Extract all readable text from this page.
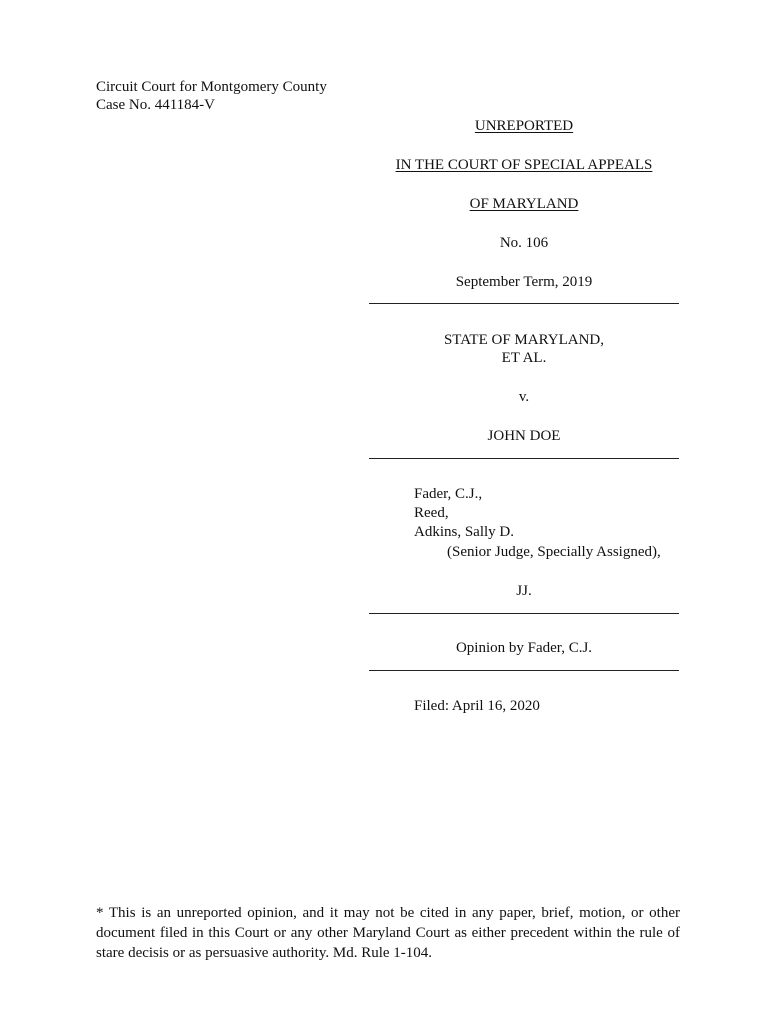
Circuit Court for Montgomery County
Case No. 441184-V
UNREPORTED
IN THE COURT OF SPECIAL APPEALS
OF MARYLAND
No. 106
September Term, 2019
STATE OF MARYLAND,
ET AL.
v.
JOHN DOE
Fader, C.J.,
Reed,
Adkins, Sally D.
(Senior Judge, Specially Assigned),
JJ.
Opinion by Fader, C.J.
Filed: April 16, 2020
* This is an unreported opinion, and it may not be cited in any paper, brief, motion, or other document filed in this Court or any other Maryland Court as either precedent within the rule of stare decisis or as persuasive authority. Md. Rule 1-104.
